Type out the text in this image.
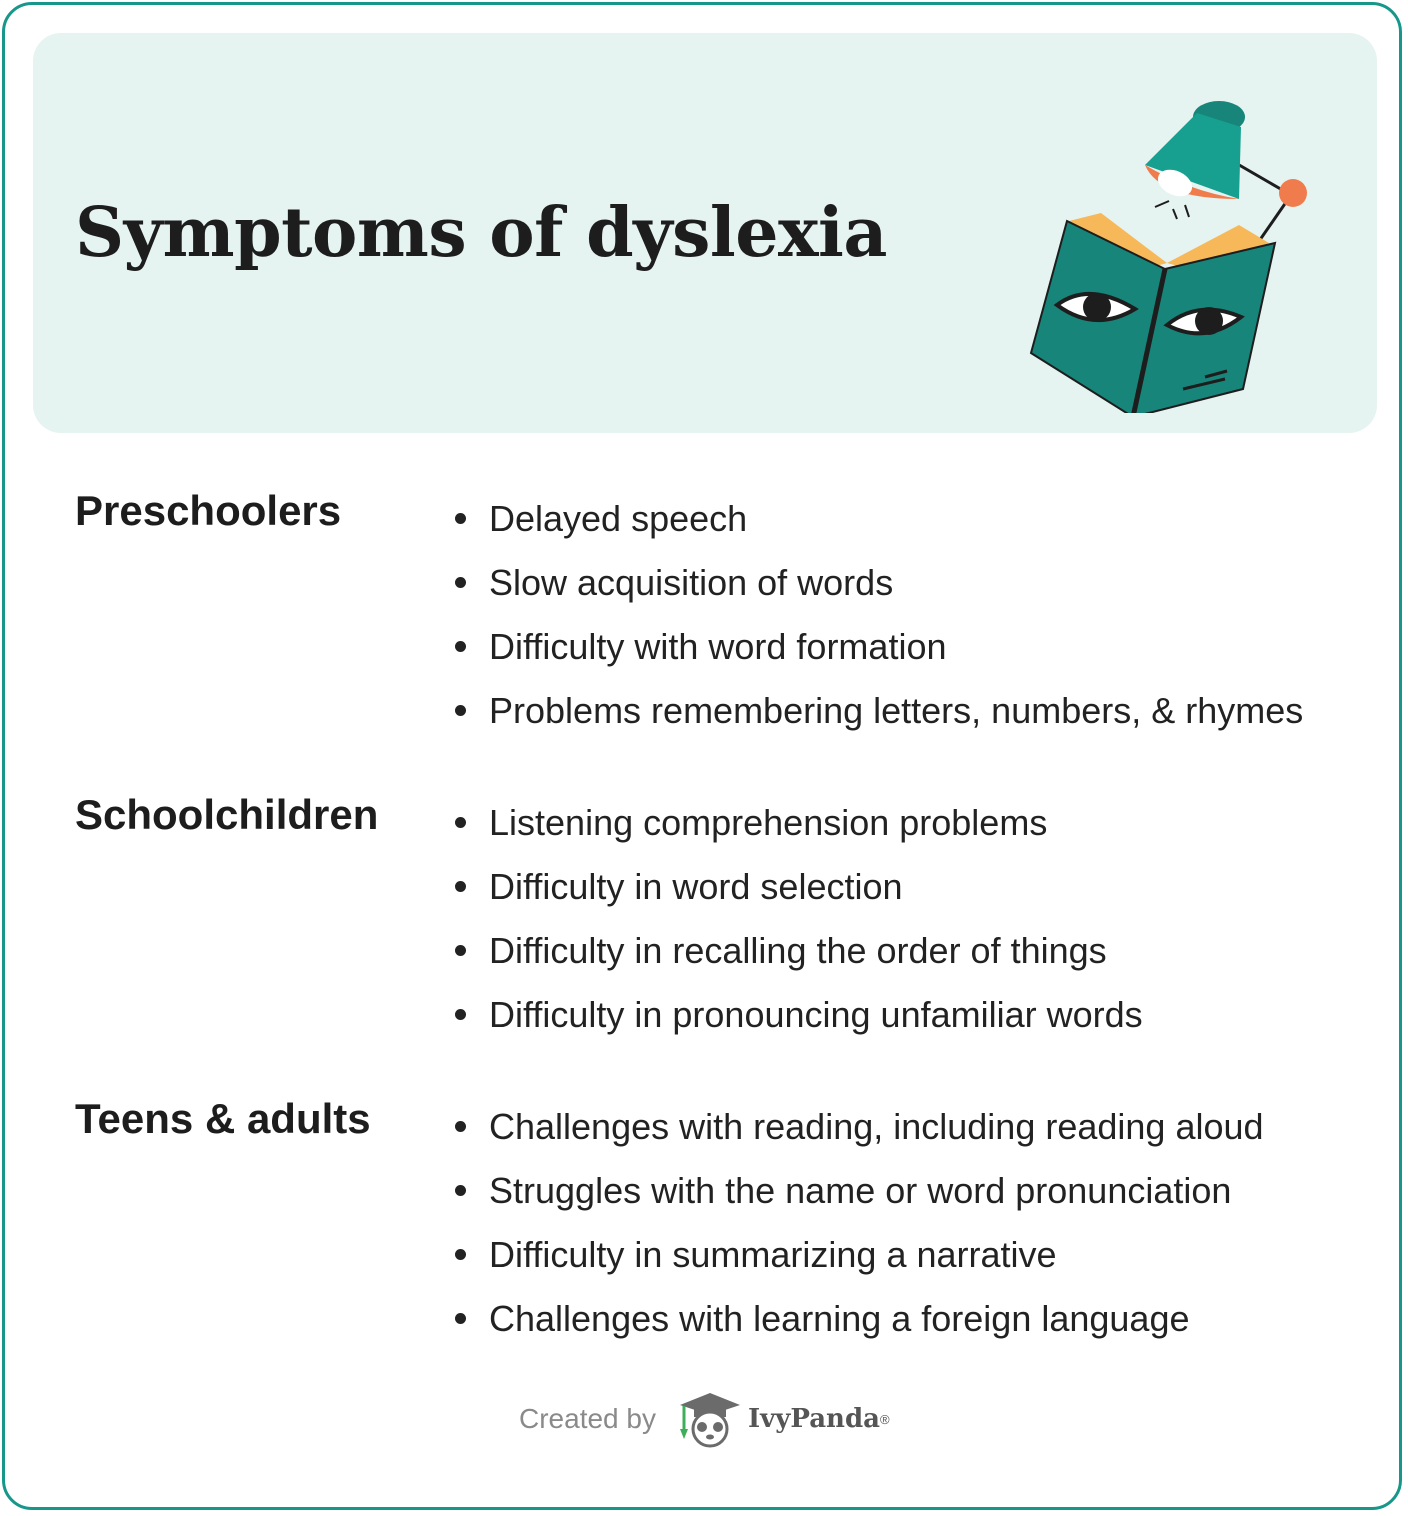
Symptoms of dyslexia
Preschoolers	Delayed speech
Slow acquisition of words
Difficulty with word formation
Problems remembering letters, numbers, & rhymes
Schoolchildren	Listening comprehension problems
Difficulty in word selection
Difficulty in recalling the order of things
Difficulty in pronouncing unfamiliar words
Teens & adults	Challenges with reading, including reading aloud
Struggles with the name or word pronunciation
Difficulty in summarizing a narrative
Challenges with learning a foreign language
Created by	IvyPanda ®
